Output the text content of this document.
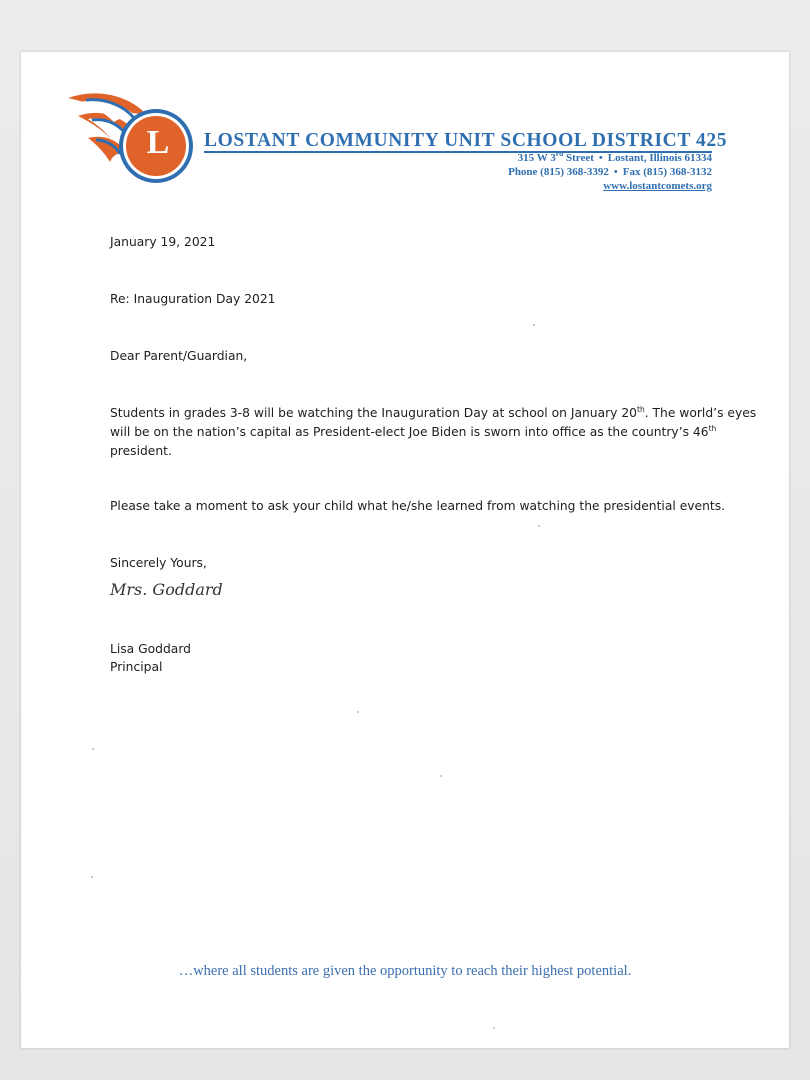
L LOSTANT COMMUNITY UNIT SCHOOL DISTRICT 425
315 W 3rd Street • Lostant, Illinois 61334
Phone (815) 368-3392 • Fax (815) 368-3132
www.lostantcomets.org
January 19, 2021
Re: Inauguration Day 2021
Dear Parent/Guardian,
Students in grades 3-8 will be watching the Inauguration Day at school on January 20th. The world’s eyes
will be on the nation’s capital as President-elect Joe Biden is sworn into office as the country’s 46th
president.
Please take a moment to ask your child what he/she learned from watching the presidential events.
Sincerely Yours,
Mrs. Goddard
Lisa Goddard
Principal
…where all students are given the opportunity to reach their highest potential.
